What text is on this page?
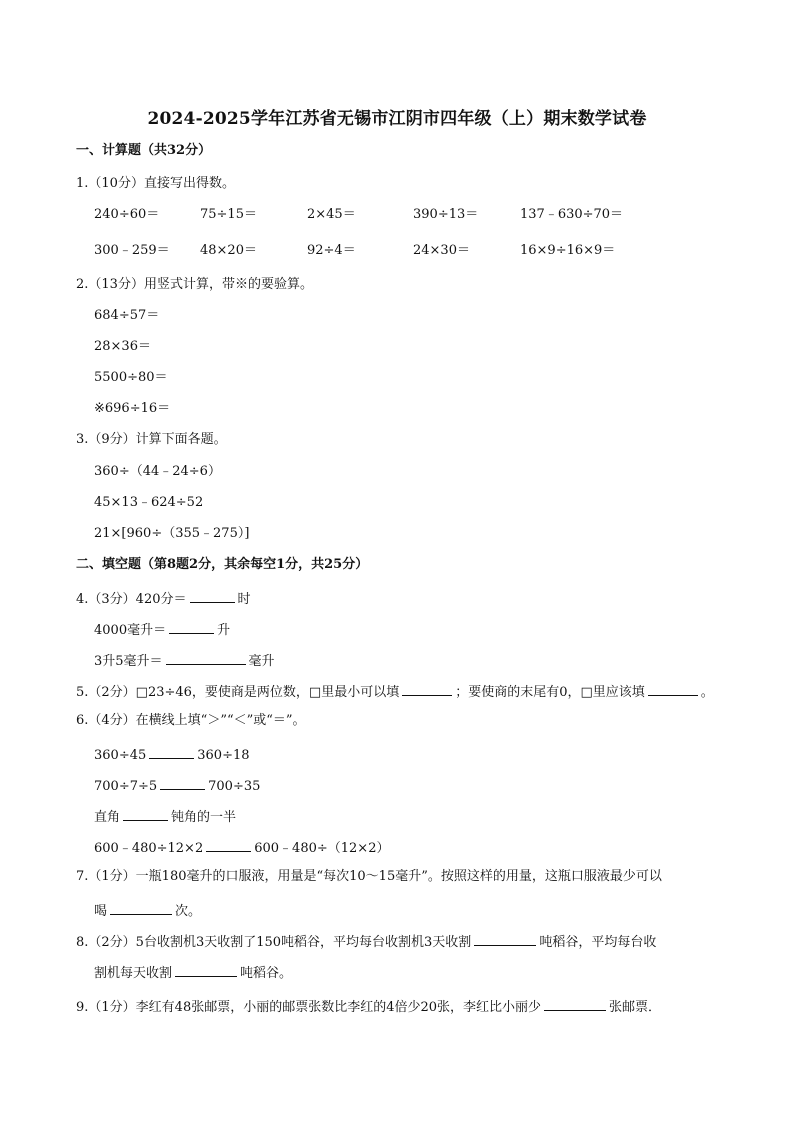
2024-2025学年江苏省无锡市江阴市四年级（上）期末数学试卷
一、计算题（共32分）
1.（10分）直接写出得数。
240÷60＝	75÷15＝	2×45＝	390÷13＝	137﹣630÷70＝
300﹣259＝ 48×20＝	92÷4＝	24×30＝	16×9÷16×9＝
2.（13分）用竖式计算，带※的要验算。
684÷57＝
28×36＝
5500÷80＝
※696÷16＝
3.（9分）计算下面各题。
360÷（44﹣24÷6）
45×13﹣624÷52
21×[960÷（355﹣275）]
二、填空题（第8题2分，其余每空1分，共25分）
4.（3分）420分＝	时
4000毫升＝	升
3升5毫升＝	毫升
5.（2分）□23÷46，要使商是两位数，□里最小可以填	；要使商的末尾有0，□里应该填	。
6.（4分）在横线上填“＞”“＜”或“＝”。
360÷45	360÷18
700÷7÷5	700÷35
直角	钝角的一半
600﹣480÷12×2	600﹣480÷（12×2）
7.（1分）一瓶180毫升的口服液，用量是“每次10～15毫升”。按照这样的用量，这瓶口服液最少可以
喝	次。
8.（2分）5台收割机3天收割了150吨稻谷，平均每台收割机3天收割	吨稻谷，平均每台收
割机每天收割	吨稻谷。
9.（1分）李红有48张邮票，小丽的邮票张数比李红的4倍少20张，李红比小丽少	张邮票．
